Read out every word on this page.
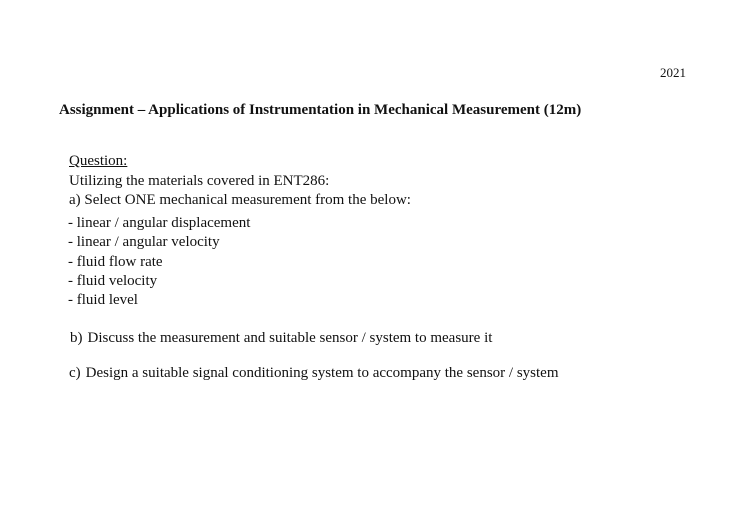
2021
Assignment – Applications of Instrumentation in Mechanical Measurement (12m)
Question:
Utilizing the materials covered in ENT286:
a) Select ONE mechanical measurement from the below:
- linear / angular displacement
- linear / angular velocity
- fluid flow rate
- fluid velocity
- fluid level
b) Discuss the measurement and suitable sensor / system to measure it
c) Design a suitable signal conditioning system to accompany the sensor / system
